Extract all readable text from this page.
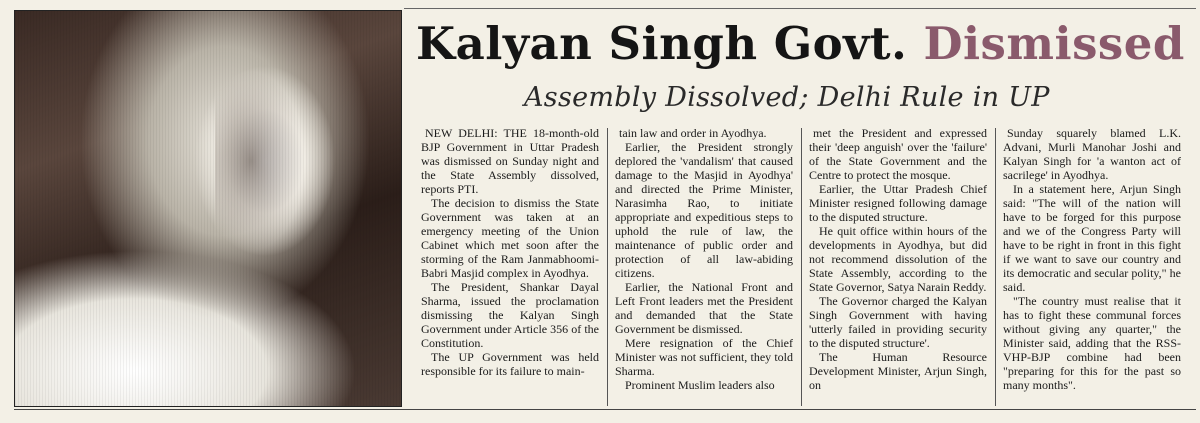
Kalyan Singh Govt. Dismissed
Assembly Dissolved; Delhi Rule in UP

NEW DELHI: THE 18-month-old BJP Government in Uttar Pradesh was dismissed on Sunday night and the State Assembly dissolved, reports PTI.

The decision to dismiss the State Government was taken at an emergency meeting of the Union Cabinet which met soon after the storming of the Ram Janmabhoomi-Babri Masjid complex in Ayodhya.

The President, Shankar Dayal Sharma, issued the proclamation dismissing the Kalyan Singh Government under Article 356 of the Constitution.

The UP Government was held responsible for its failure to main-

tain law and order in Ayodhya.

Earlier, the President strongly deplored the 'vandalism' that caused damage to the Masjid in Ayodhya' and directed the Prime Minister, Narasimha Rao, to initiate appropriate and expeditious steps to uphold the rule of law, the maintenance of public order and protection of all law-abiding citizens.

Earlier, the National Front and Left Front leaders met the President and demanded that the State Government be dismissed.

Mere resignation of the Chief Minister was not sufficient, they told Sharma.

Prominent Muslim leaders also

met the President and expressed their 'deep anguish' over the 'failure' of the State Government and the Centre to protect the mosque.

Earlier, the Uttar Pradesh Chief Minister resigned following damage to the disputed structure.

He quit office within hours of the developments in Ayodhya, but did not recommend dissolution of the State Assembly, according to the State Governor, Satya Narain Reddy.

The Governor charged the Kalyan Singh Government with having 'utterly failed in providing security to the disputed structure'.

The Human Resource Development Minister, Arjun Singh, on

Sunday squarely blamed L.K. Advani, Murli Manohar Joshi and Kalyan Singh for 'a wanton act of sacrilege' in Ayodhya.

In a statement here, Arjun Singh said: "The will of the nation will have to be forged for this purpose and we of the Congress Party will have to be right in front in this fight if we want to save our country and its democratic and secular polity," he said.

"The country must realise that it has to fight these communal forces without giving any quarter," the Minister said, adding that the RSS-VHP-BJP combine had been "preparing for this for the past so many months".
